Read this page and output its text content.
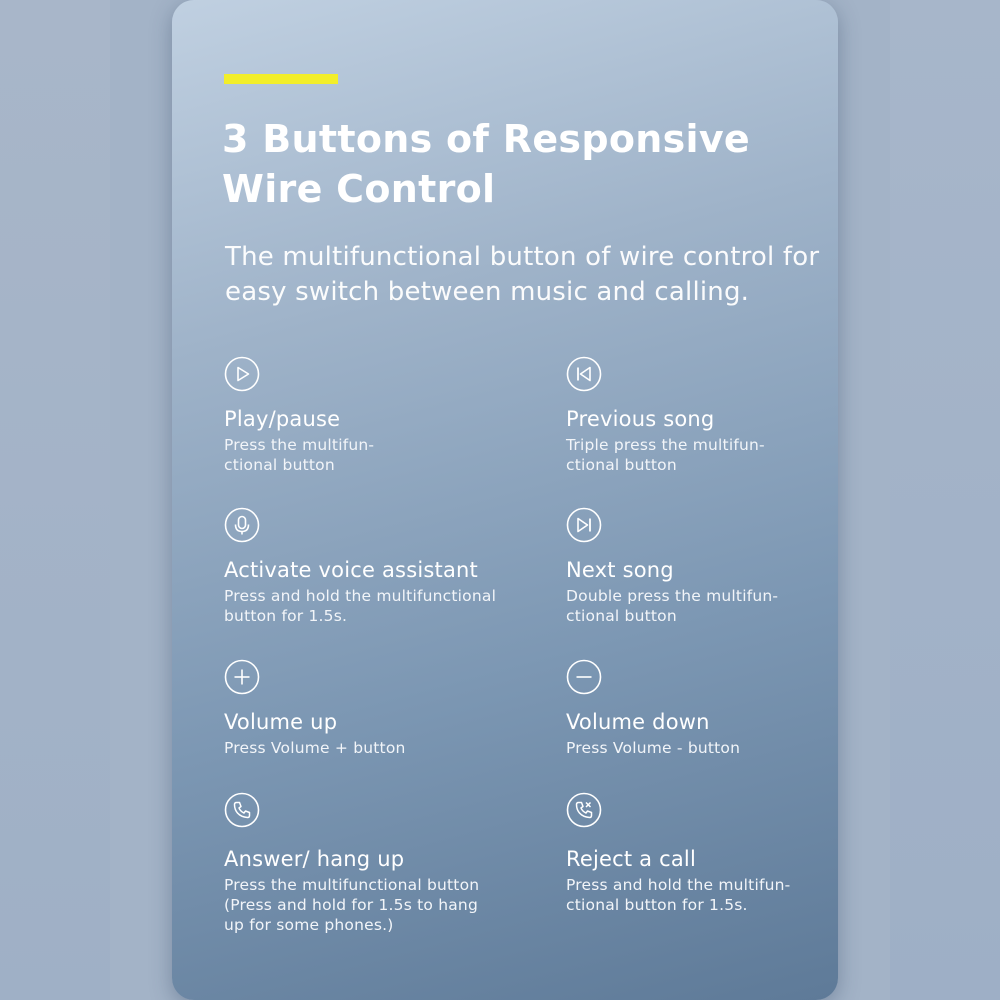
3 Buttons of Responsive Wire Control

The multifunctional button of wire control for easy switch between music and calling.

Play/pause
Press the multifun-
ctional button
Previous song
Triple press the multifun-
ctional button
Activate voice assistant
Press and hold the multifunctional
button for 1.5s.
Next song
Double press the multifun-
ctional button
Volume up
Press Volume + button
Volume down
Press Volume - button
Answer/ hang up
Press the multifunctional button
(Press and hold for 1.5s to hang
up for some phones.)
Reject a call
Press and hold the multifun-
ctional button for 1.5s.
